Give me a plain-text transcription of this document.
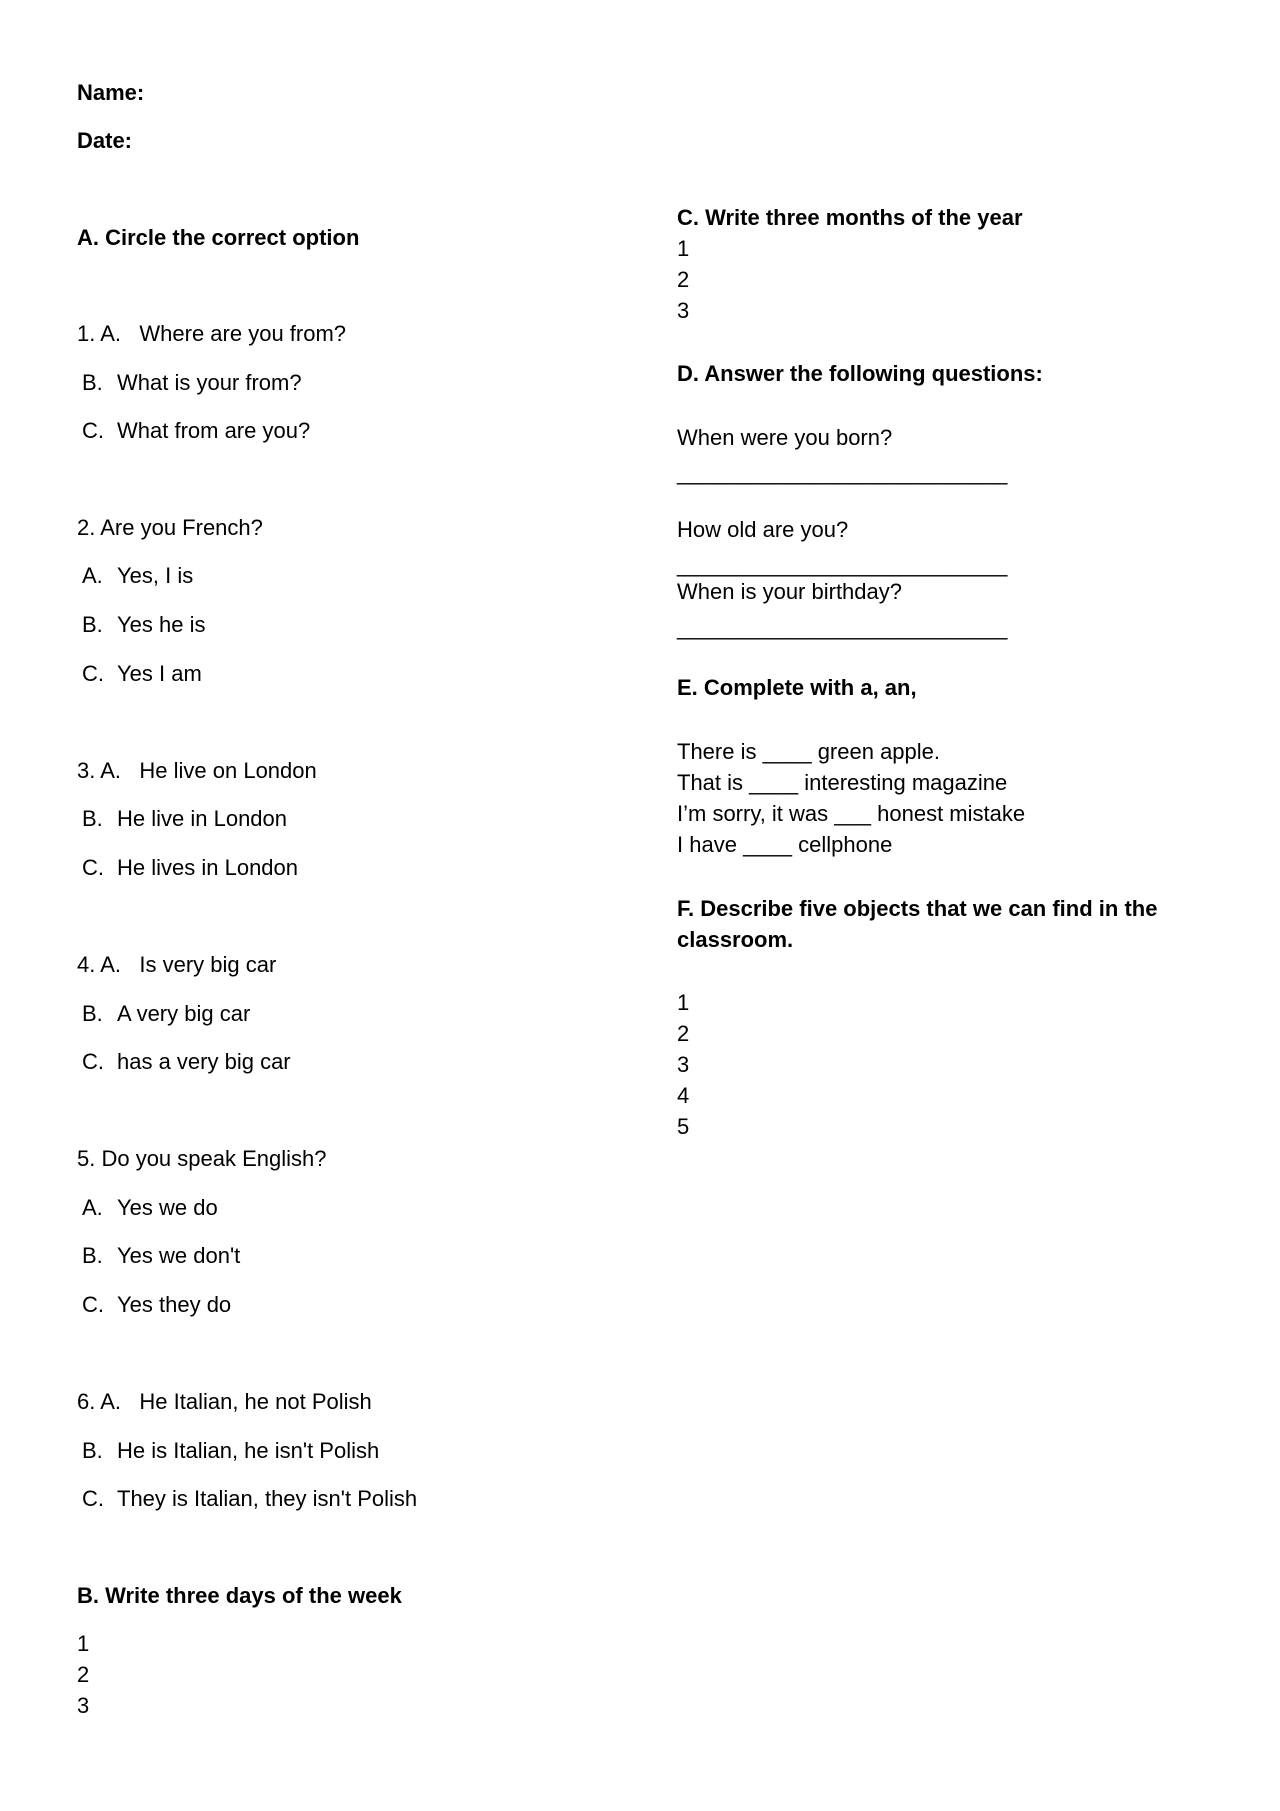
Name:
Date:
A. Circle the correct option
1. A. Where are you from?
B. What is your from?
C. What from are you?
2. Are you French?
A. Yes, I is
B. Yes he is
C. Yes I am
3. A. He live on London
B. He live in London
C. He lives in London
4. A. Is very big car
B. A very big car
C. has a very big car
5. Do you speak English?
A. Yes we do
B. Yes we don't
C. Yes they do
6. A. He Italian, he not Polish
B. He is Italian, he isn't Polish
C. They is Italian, they isn't Polish
B. Write three days of the week
1
2
3
C. Write three months of the year
1
2
3
D. Answer the following questions:
When were you born?
___________________________
How old are you?
___________________________
When is your birthday?
___________________________
E. Complete with a, an,
There is ____ green apple.
That is ____ interesting magazine
I’m sorry, it was ___ honest mistake
I have ____ cellphone
F. Describe five objects that we can find in the
classroom.
1
2
3
4
5
